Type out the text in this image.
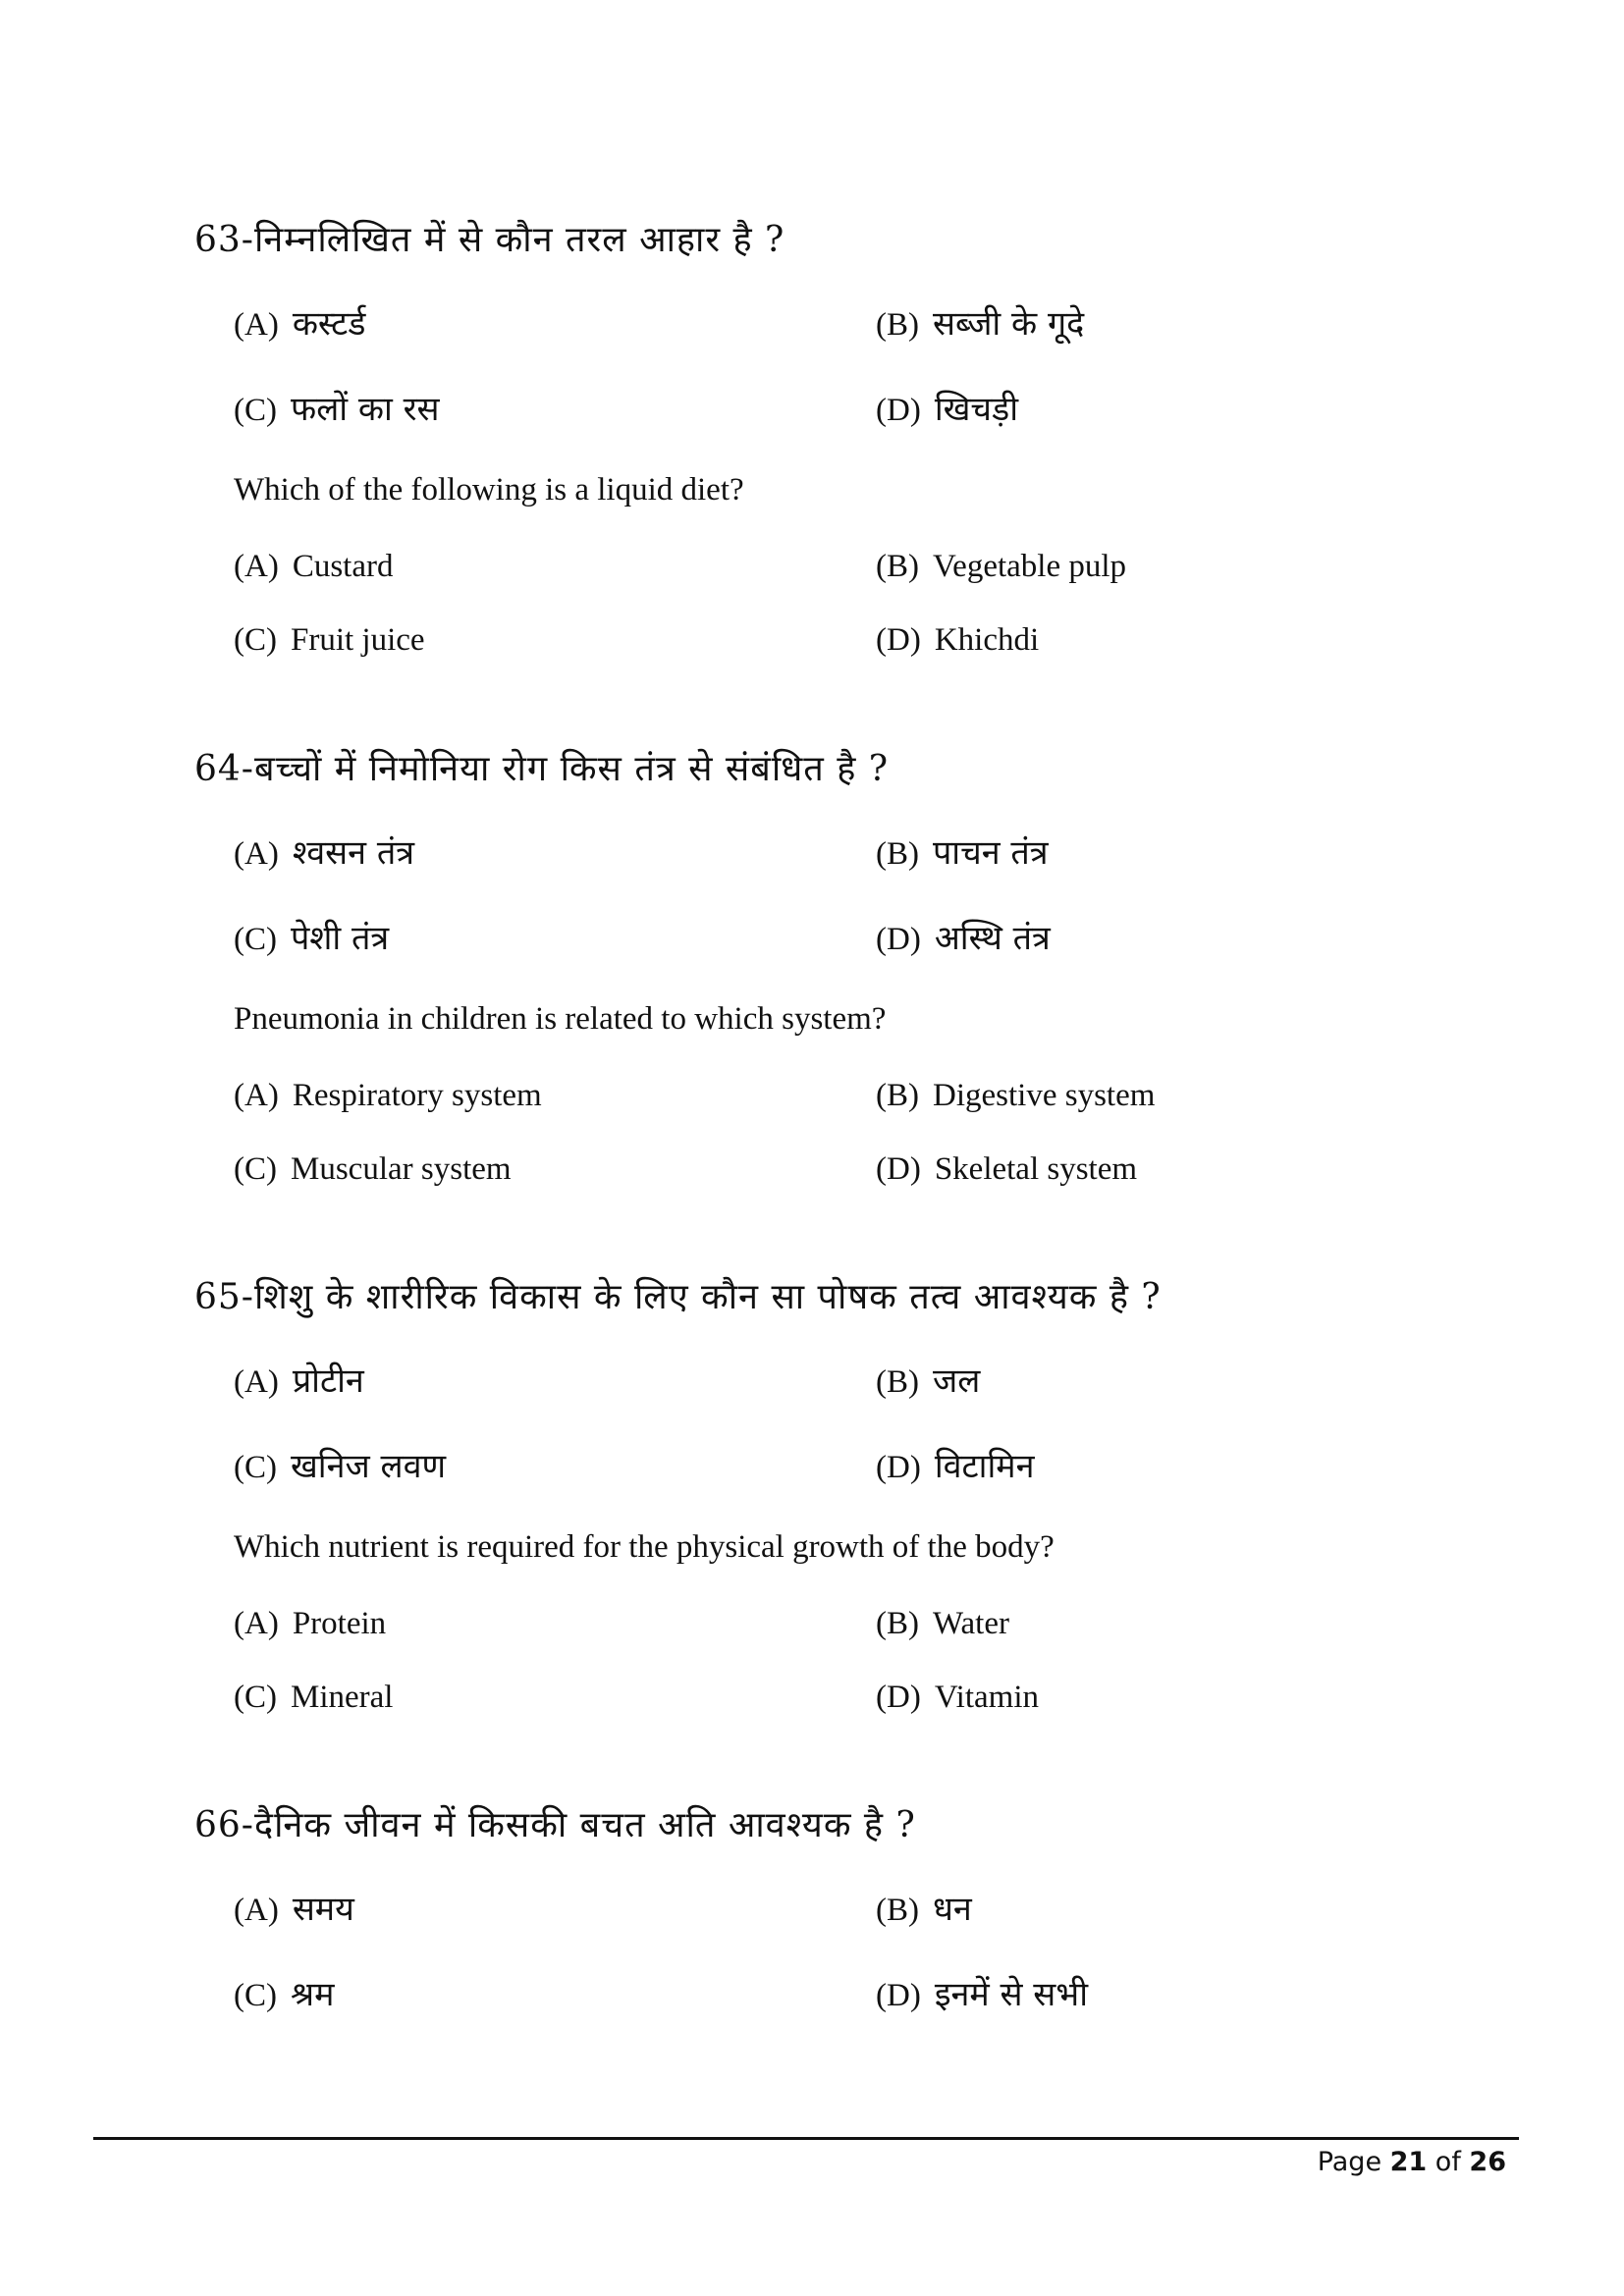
63-निम्नलिखित में से कौन तरल आहार है ?
(A) कस्टर्ड	(B) सब्जी के गूदे
(C) फलों का रस	(D) खिचड़ी
Which of the following is a liquid diet?
(A) Custard	(B) Vegetable pulp
(C) Fruit juice	(D) Khichdi
64-बच्चों में निमोनिया रोग किस तंत्र से संबंधित है ?
(A) श्वसन तंत्र	(B) पाचन तंत्र
(C) पेशी तंत्र	(D) अस्थि तंत्र
Pneumonia in children is related to which system?
(A) Respiratory system	(B) Digestive system
(C) Muscular system	(D) Skeletal system
65-शिशु के शारीरिक विकास के लिए कौन सा पोषक तत्व आवश्यक है ?
(A) प्रोटीन	(B) जल
(C) खनिज लवण	(D) विटामिन
Which nutrient is required for the physical growth of the body?
(A) Protein	(B) Water
(C) Mineral	(D) Vitamin
66-दैनिक जीवन में किसकी बचत अति आवश्यक है ?
(A) समय	(B) धन
(C) श्रम	(D) इनमें से सभी
Page 21 of 26
